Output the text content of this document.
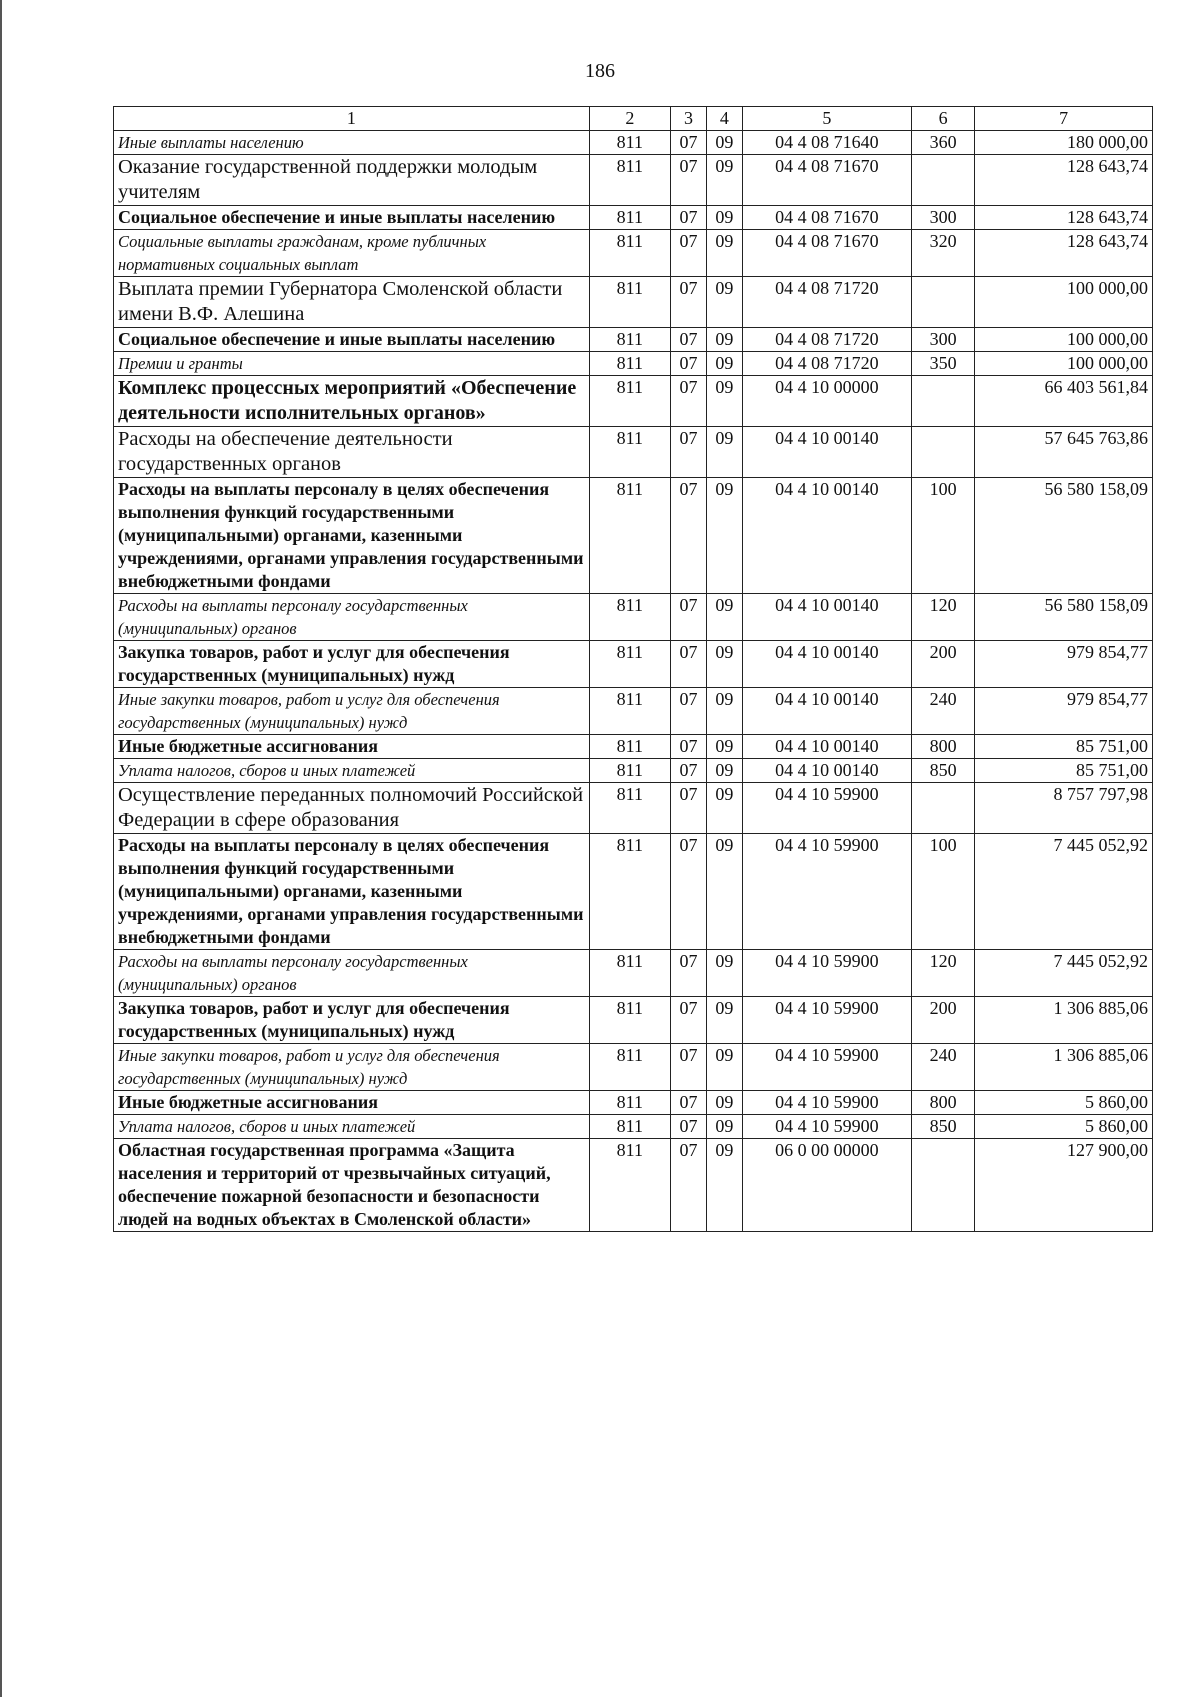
186
1	2	3	4	5	6	7
Иные выплаты населению	811	07	09	04 4 08 71640	360	180 000,00
Оказание государственной поддержки молодым учителям	811	07	09	04 4 08 71670		128 643,74
Социальное обеспечение и иные выплаты населению	811	07	09	04 4 08 71670	300	128 643,74
Социальные выплаты гражданам, кроме публичных нормативных социальных выплат	811	07	09	04 4 08 71670	320	128 643,74
Выплата премии Губернатора Смоленской области имени В.Ф. Алешина	811	07	09	04 4 08 71720		100 000,00
Социальное обеспечение и иные выплаты населению	811	07	09	04 4 08 71720	300	100 000,00
Премии и гранты	811	07	09	04 4 08 71720	350	100 000,00
Комплекс процессных мероприятий «Обеспечение деятельности исполнительных органов»	811	07	09	04 4 10 00000		66 403 561,84
Расходы на обеспечение деятельности государственных органов	811	07	09	04 4 10 00140		57 645 763,86
Расходы на выплаты персоналу в целях обеспечения выполнения функций государственными (муниципальными) органами, казенными учреждениями, органами управления государственными внебюджетными фондами	811	07	09	04 4 10 00140	100	56 580 158,09
Расходы на выплаты персоналу государственных (муниципальных) органов	811	07	09	04 4 10 00140	120	56 580 158,09
Закупка товаров, работ и услуг для обеспечения государственных (муниципальных) нужд	811	07	09	04 4 10 00140	200	979 854,77
Иные закупки товаров, работ и услуг для обеспечения государственных (муниципальных) нужд	811	07	09	04 4 10 00140	240	979 854,77
Иные бюджетные ассигнования	811	07	09	04 4 10 00140	800	85 751,00
Уплата налогов, сборов и иных платежей	811	07	09	04 4 10 00140	850	85 751,00
Осуществление переданных полномочий Российской Федерации в сфере образования	811	07	09	04 4 10 59900		8 757 797,98
Расходы на выплаты персоналу в целях обеспечения выполнения функций государственными (муниципальными) органами, казенными учреждениями, органами управления государственными внебюджетными фондами	811	07	09	04 4 10 59900	100	7 445 052,92
Расходы на выплаты персоналу государственных (муниципальных) органов	811	07	09	04 4 10 59900	120	7 445 052,92
Закупка товаров, работ и услуг для обеспечения государственных (муниципальных) нужд	811	07	09	04 4 10 59900	200	1 306 885,06
Иные закупки товаров, работ и услуг для обеспечения государственных (муниципальных) нужд	811	07	09	04 4 10 59900	240	1 306 885,06
Иные бюджетные ассигнования	811	07	09	04 4 10 59900	800	5 860,00
Уплата налогов, сборов и иных платежей	811	07	09	04 4 10 59900	850	5 860,00
Областная государственная программа «Защита населения и территорий от чрезвычайных ситуаций, обеспечение пожарной безопасности и безопасности людей на водных объектах в Смоленской области»	811	07	09	06 0 00 00000		127 900,00
